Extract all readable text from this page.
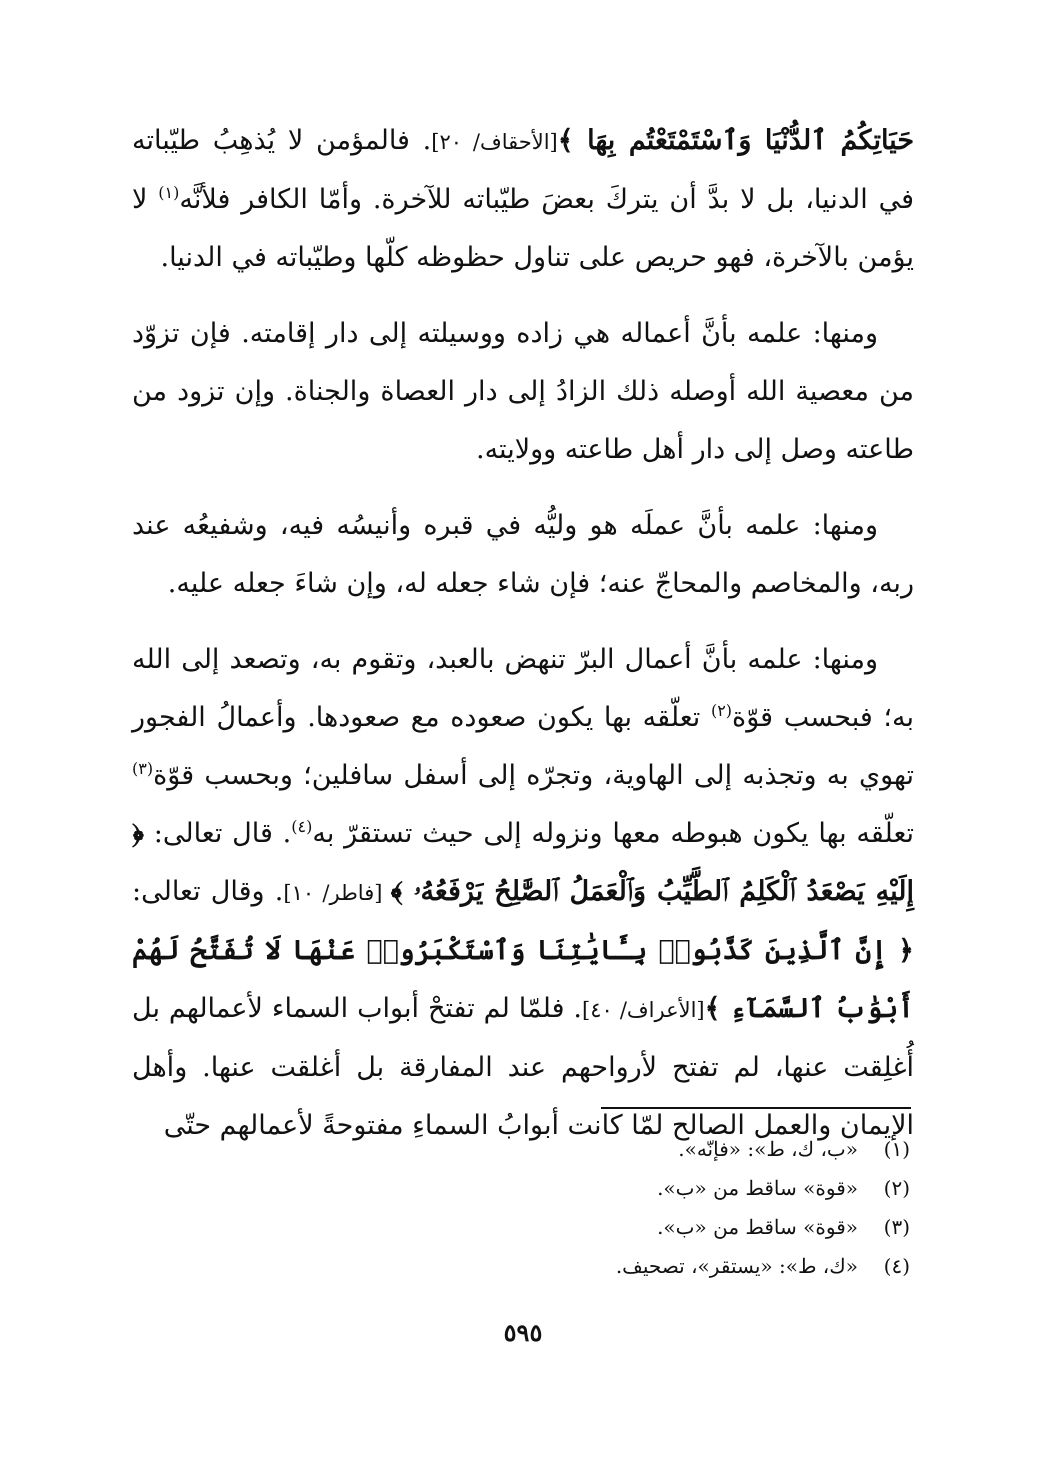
حَيَاتِكُمُ ٱلدُّنْيَا وَٱسْتَمْتَعْتُم بِهَا ﴾[الأحقاف/ ٢٠]. فالمؤمن لا يُذهِبُ طيّباته في الدنيا، بل لا بدَّ أن يتركَ بعضَ طيّباته للآخرة. وأمّا الكافر فلأنَّه$^{(١)}$ لا يؤمن بالآخرة، فهو حريص على تناول حظوظه كلّها وطيّباته في الدنيا.

ومنها: علمه بأنَّ أعماله هي زاده ووسيلته إلى دار إقامته. فإن تزوّد من معصية الله أوصله ذلك الزادُ إلى دار العصاة والجناة. وإن تزود من طاعته وصل إلى دار أهل طاعته وولايته.

ومنها: علمه بأنَّ عملَه هو وليُّه في قبره وأنيسُه فيه، وشفيعُه عند ربه، والمخاصم والمحاجّ عنه؛ فإن شاء جعله له، وإن شاءَ جعله عليه.

ومنها: علمه بأنَّ أعمال البرّ تنهض بالعبد، وتقوم به، وتصعد إلى الله به؛ فبحسب قوّة$^{(٢)}$ تعلّقه بها يكون صعوده مع صعودها. وأعمالُ الفجور تهوي به وتجذبه إلى الهاوية، وتجرّه إلى أسفل سافلين؛ وبحسب قوّة$^{(٣)}$ تعلّقه بها يكون هبوطه معها ونزوله إلى حيث تستقرّ به$^{(٤)}$. قال تعالى: ﴿ إِلَيْهِ يَصْعَدُ ٱلْكَلِمُ ٱلطَّيِّبُ وَٱلْعَمَلُ ٱلصَّٰلِحُ يَرْفَعُهُۥ ﴾ [فاطر/ ١٠]. وقال تعالى: ﴿ إِنَّ ٱلَّذِينَ كَذَّبُوا۟ بِـَٔايَٰتِنَا وَٱسْتَكْبَرُوا۟ عَنْهَا لَا تُفَتَّحُ لَهُمْ أَبْوَٰبُ ٱلسَّمَآءِ ﴾[الأعراف/ ٤٠]. فلمّا لم تفتحْ أبواب السماء لأعمالهم بل أُغلِقت عنها، لم تفتح لأرواحهم عند المفارقة بل أغلقت عنها. وأهل الإيمان والعمل الصالح لمّا كانت أبوابُ السماءِ مفتوحةً لأعمالهم حتّى

(١)«ب، ك، ط»: «فإنّه».
(٢)«قوة» ساقط من «ب».
(٣)«قوة» ساقط من «ب».
(٤)«ك، ط»: «يستقر»، تصحيف.
٥٩٥
